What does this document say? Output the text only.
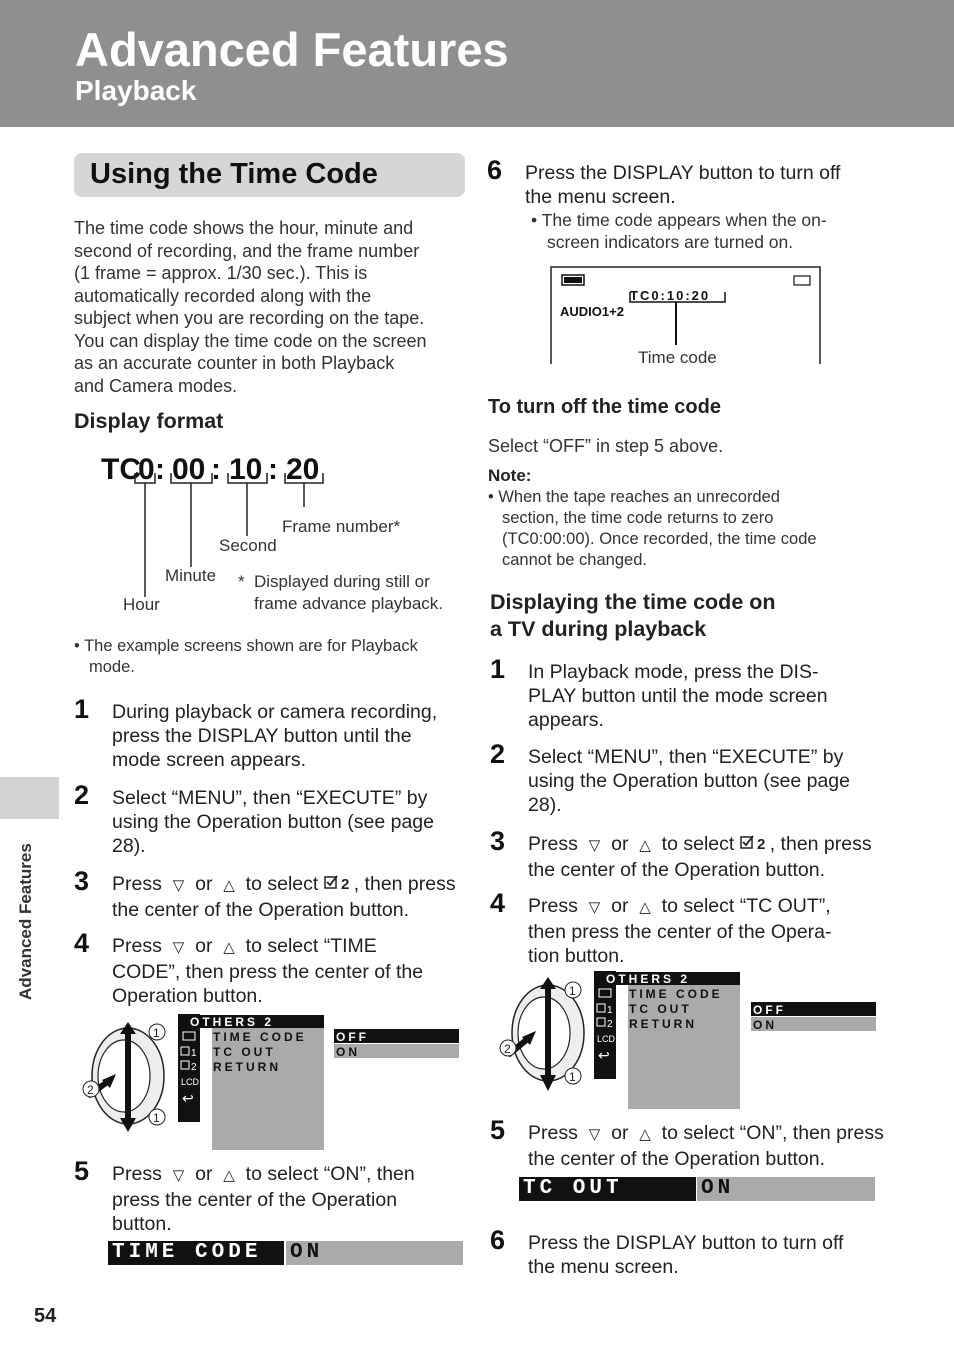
Advanced Features
Playback
Advanced Features
54
Using the Time Code
The time code shows the hour, minute and
second of recording, and the frame number
(1 frame = approx. 1/30 sec.). This is
automatically recorded along with the
subject when you are recording on the tape.
You can display the time code on the screen
as an accurate counter in both Playback
and Camera modes.
Display format
TC
0 : 00 : 10 : 20
Frame number*
Second
Minute
Hour
* Displayed during still or
frame advance playback.
• The example screens shown are for Playback
mode.
1 During playback or camera recording,
press the DISPLAY button until the
mode screen appears.
2 Select “MENU”, then “EXECUTE” by
using the Operation button (see page
28).
3 Press ▽ or △ to select 2 , then press
the center of the Operation button.
4 Press ▽ or △ to select “TIME
CODE”, then press the center of the
Operation button.
1
2
1
OTHERS 2
TIME CODE
TC OUT
RETURN
OFF
ON
1
2
LCD
↩
5 Press ▽ or △ to select “ON”, then
press the center of the Operation
button.
TIME CODE	ON
6 Press the DISPLAY button to turn off
the menu screen.
• The time code appears when the on-
screen indicators are turned on.
TC0:10:20
AUDIO1+2
Time code
To turn off the time code
Select “OFF” in step 5 above.
Note:
• When the tape reaches an unrecorded
section, the time code returns to zero
(TC0:00:00). Once recorded, the time code
cannot be changed.
Displaying the time code on
a TV during playback
1 In Playback mode, press the DIS-
PLAY button until the mode screen
appears.
2 Select “MENU”, then “EXECUTE” by
using the Operation button (see page
28).
3 Press ▽ or △ to select 2 , then press
the center of the Operation button.
4 Press ▽ or △ to select “TC OUT”,
then press the center of the Opera-
tion button.
1
2
1
OTHERS 2
TIME CODE
TC OUT
RETURN
OFF
ON
1
2
LCD
↩
5 Press ▽ or △ to select “ON”, then press
the center of the Operation button.
TC OUT	ON
6 Press the DISPLAY button to turn off
the menu screen.
